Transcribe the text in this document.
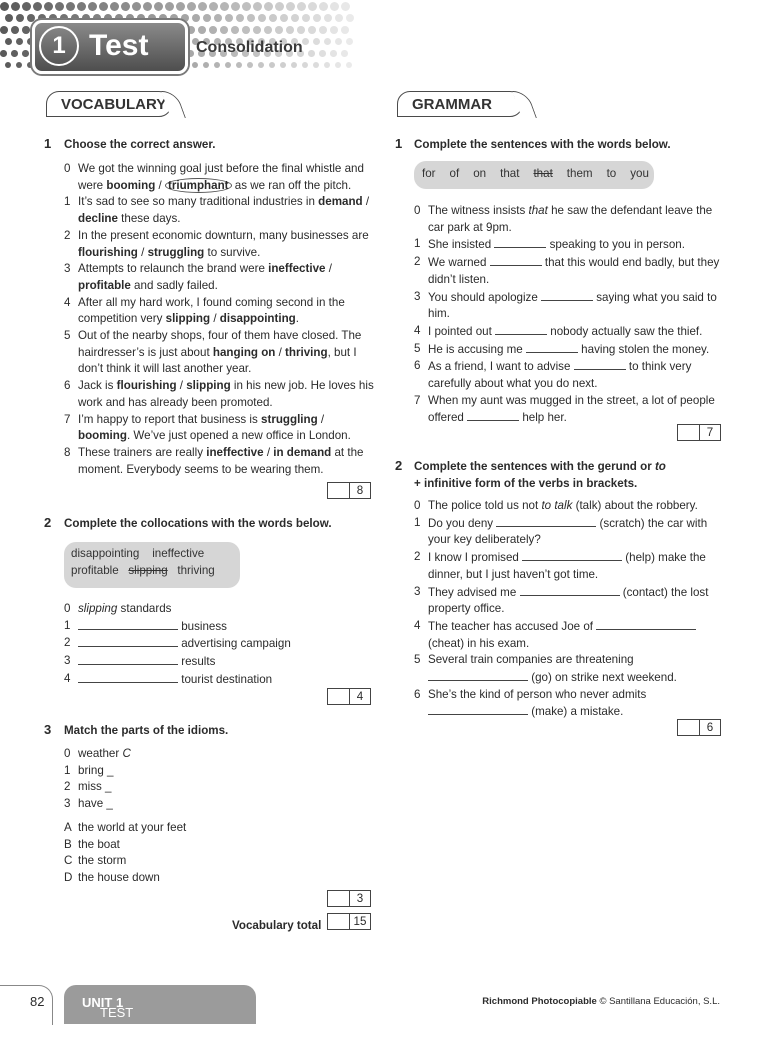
1 Test	Consolidation
VOCABULARY	GRAMMAR
1 Choose the correct answer.
0 We got the winning goal just before the final whistle and were booming / triumphant as we ran off the pitch.
1 It’s sad to see so many traditional industries in demand / decline these days.
2 In the present economic downturn, many businesses are flourishing / struggling to survive.
3 Attempts to relaunch the brand were ineffective / profitable and sadly failed.
4 After all my hard work, I found coming second in the competition very slipping / disappointing.
5 Out of the nearby shops, four of them have closed. The hairdresser’s is just about hanging on / thriving, but I don’t think it will last another year.
6 Jack is flourishing / slipping in his new job. He loves his work and has already been promoted.
7 I’m happy to report that business is struggling / booming. We’ve just opened a new office in London.
8 These trainers are really ineffective / in demand at the moment. Everybody seems to be wearing them.
8
2 Complete the collocations with the words below.
disappointing    ineffective
profitable slipping thriving
0 slipping standards
1	business
2	advertising campaign
3	results
4	tourist destination
4
3 Match the parts of the idioms.
0 weather C
1 bring _
2 miss _
3 have _
A the world at your feet
B the boat
C the storm
D the house down
3
Vocabulary total	15
1 Complete the sentences with the words below.
for of on that that them to you
0 The witness insists that he saw the defendant leave the car park at 9pm.
1 She insisted	speaking to you in person.
2 We warned	that this would end badly, but they didn’t listen.
3 You should apologize	saying what you said to him.
4 I pointed out	nobody actually saw the thief.
5 He is accusing me	having stolen the money.
6 As a friend, I want to advise	to think very carefully about what you do next.
7 When my aunt was mugged in the street, a lot of people offered	help her.
7
2 Complete the sentences with the gerund or to + infinitive form of the verbs in brackets.
0 The police told us not to talk (talk) about the robbery.
1 Do you deny	(scratch) the car with your key deliberately?
2 I know I promised	(help) make the dinner, but I just haven’t got time.
3 They advised me	(contact) the lost property office.
4 The teacher has accused Joe of  (cheat) in his exam.
5 Several train companies are threatening  (go) on strike next weekend.
6 She’s the kind of person who never admits  (make) a mistake.
6
82	UNIT 1
TEST Consolidation
Richmond Photocopiable © Santillana Educación, S.L.
